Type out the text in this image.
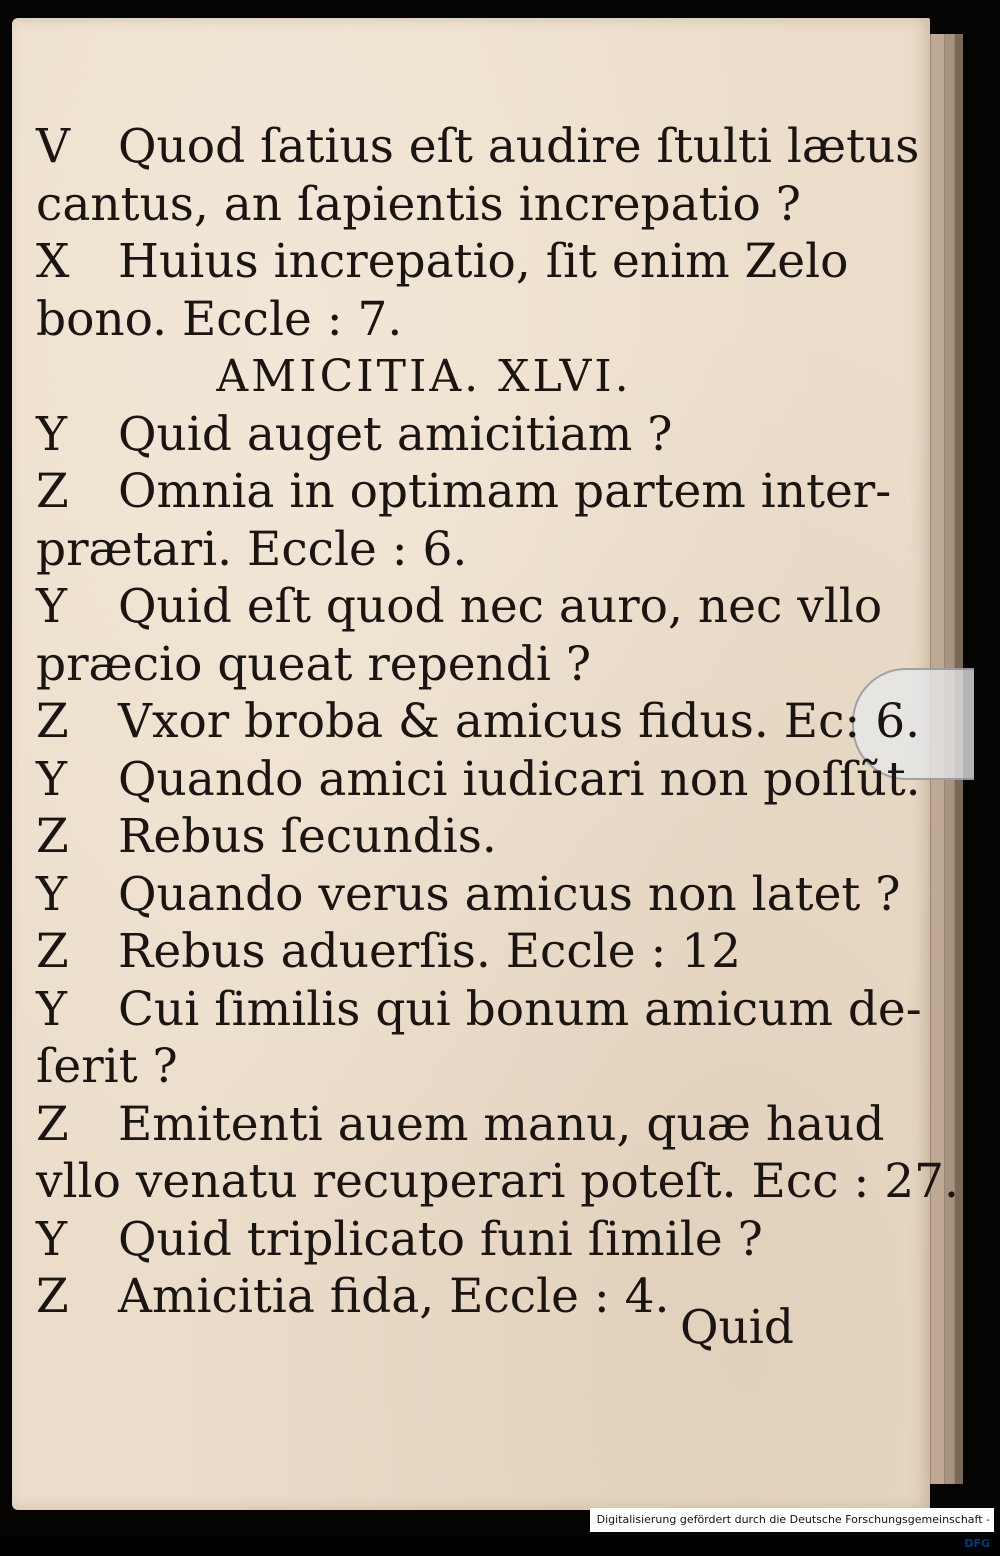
V Quod ſatius eſt audire ſtulti lætus
cantus, an ſapientis increpatio ?
X Huius increpatio, ſit enim Zelo
bono. Eccle : 7.
AMICITIA. XLVI.
Y Quid auget amicitiam ?
Z Omnia in optimam partem inter-
prætari. Eccle : 6.
Y Quid eſt quod nec auro, nec vllo
præcio queat rependi ?
Z Vxor broba & amicus fidus. Ec: 6.
Y Quando amici iudicari non poſſũt.
Z Rebus ſecundis.
Y Quando verus amicus non latet ?
Z Rebus aduerſis. Eccle : 12
Y Cui ſimilis qui bonum amicum de-
ſerit ?
Z Emitenti auem manu, quæ haud
vllo venatu recuperari poteſt. Ecc : 27.
Y Quid triplicato funi ſimile ?
Z Amicitia fida, Eccle : 4.
Quid
Digitalisierung gefördert durch die Deutsche Forschungsgemeinschaft -DFG
